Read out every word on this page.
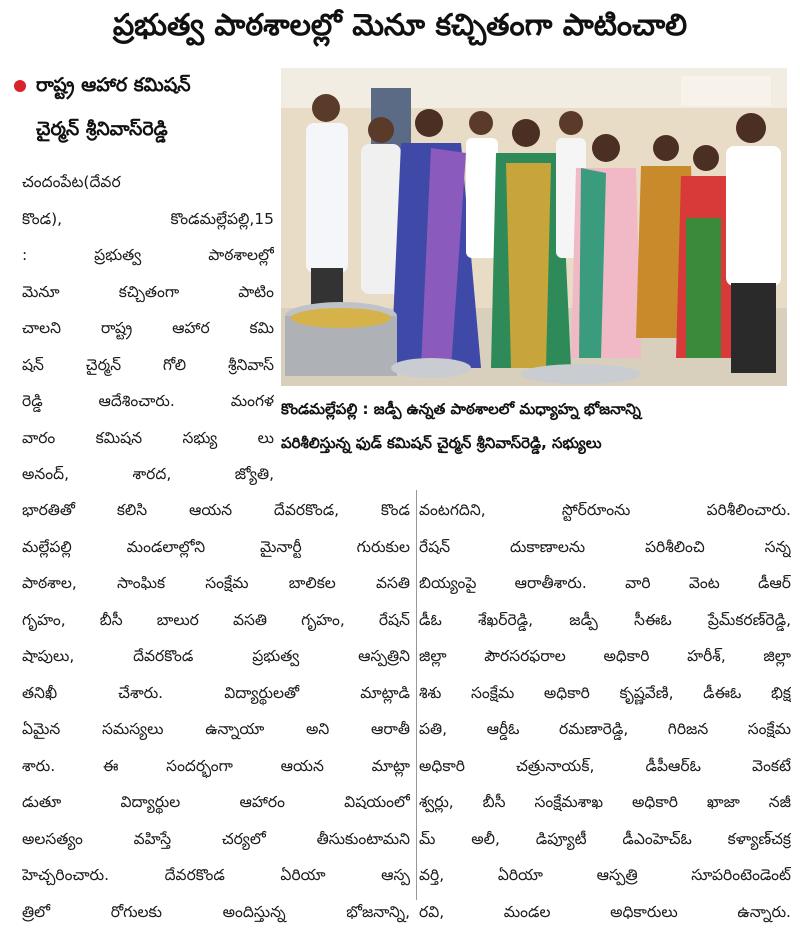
ప్రభుత్వ పాఠశాలల్లో మెనూ కచ్చితంగా పాటించాలి
రాష్ట్ర ఆహార కమిషన్
చైర్మన్ శ్రీనివాస్‌రెడ్డి
చందంపేట(దేవర
కొండ), కొండమల్లేపల్లి,15
: ప్రభుత్వ పాఠశాలల్లో
మెనూ కచ్చితంగా పాటిం
చాలని రాష్ట్ర ఆహార కమి
షన్ చైర్మన్ గోలి శ్రీనివాస్
రెడ్డి ఆదేశించారు. మంగళ
వారం కమిషన సభ్యు లు
అనంద్, శారద, జ్యోతి,
కొండమల్లేపల్లి : జడ్పీ ఉన్నత పాఠశాలలో మధ్యాహ్న భోజనాన్ని
పరిశీలిస్తున్న ఫుడ్ కమిషన్ చైర్మన్ శ్రీనివాస్‌రెడ్డి, సభ్యులు
భారతితో కలిసి ఆయన దేవరకొండ, కొండ
మల్లేపల్లి మండలాల్లోని మైనార్టీ గురుకుల
పాఠశాల, సాంఘిక సంక్షేమ బాలికల వసతి
గృహం, బీసీ బాలుర వసతి గృహం, రేషన్
షాపులు, దేవరకొండ ప్రభుత్వ ఆస్పత్రిని
తనిఖీ చేశారు. విద్యార్థులతో మాట్లాడి
ఏమైన సమస్యలు ఉన్నాయా అని ఆరాతీ
శారు. ఈ సందర్భంగా ఆయన మాట్లా
డుతూ విద్యార్థుల ఆహారం విషయంలో
అలసత్యం వహిస్తే చర్యలో తీసుకుంటామని
హెచ్చరించారు. దేవరకొండ ఏరియా ఆస్ప
త్రిలో రోగులకు అందిస్తున్న భోజనాన్ని,
వంటగదిని, స్టోర్‌రూంను పరిశీలించారు.
రేషన్ దుకాణాలను పరిశీలించి సన్న
బియ్యంపై ఆరాతీశారు. వారి వెంట డీఆర్
డీఓ శేఖర్‌రెడ్డి, జడ్పీ సీఈఓ ప్రేమ్‌కరణ్‌రెడ్డి,
జిల్లా పౌరసరఫరాల అధికారి హరీశ్, జిల్లా
శిశు సంక్షేమ అధికారి కృష్ణవేణి, డీఈఓ భిక్ష
పతి, ఆర్డీఓ రమణారెడ్డి, గిరిజన సంక్షేమ
అధికారి చత్రునాయక్, డీపీఆర్ఓ వెంకటే
శ్వర్లు, బీసీ సంక్షేమశాఖ అధికారి ఖాజా నజీ
మ్ అలీ, డిప్యూటీ డీఎంహెచ్ఓ కళ్యాణ్‌చక్ర
వర్తి, ఏరియా ఆస్పత్రి సూపరింటెండెంట్
రవి, మండల అధికారులు ఉన్నారు.
